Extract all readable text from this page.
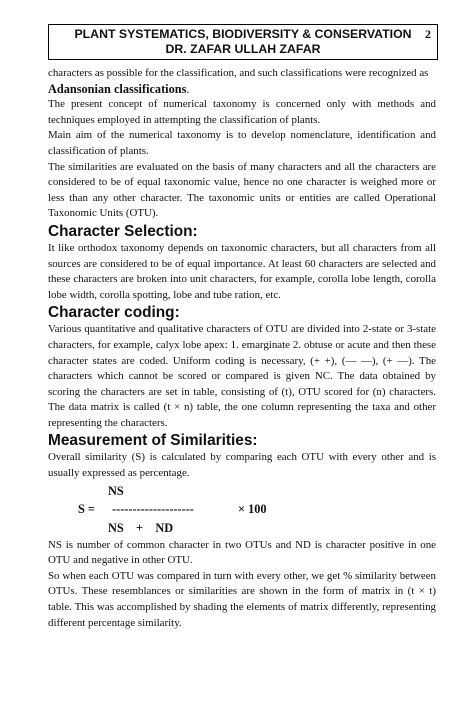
PLANT SYSTEMATICS, BIODIVERSITY & CONSERVATION
DR. ZAFAR ULLAH ZAFAR
2

characters as possible for the classification, and such classifications were recognized as

Adansonian classifications.

The present concept of numerical taxonomy is concerned only with methods and techniques employed in attempting the classification of plants.

Main aim of the numerical taxonomy is to develop nomenclature, identification and classification of plants.

The similarities are evaluated on the basis of many characters and all the characters are considered to be of equal taxonomic value, hence no one character is weighed more or less than any other character. The taxonomic units or entities are called Operational Taxonomic Units (OTU).

Character Selection:

It like orthodox taxonomy depends on taxonomic characters, but all characters from all sources are considered to be of equal importance. At least 60 characters are selected and these characters are broken into unit characters, for example, corolla lobe length, corolla lobe width, corolla spotting, lobe and tube ration, etc.

Character coding:

Various quantitative and qualitative characters of OTU are divided into 2-state or 3-state characters, for example, calyx lobe apex: 1. emarginate 2. obtuse or acute and then these character states are coded. Uniform coding is necessary, (+ +), (— —), (+ —). The characters which cannot be scored or compared is given NC. The data obtained by scoring the characters are set in table, consisting of (t), OTU scored for (n) characters. The data matrix is called (t × n) table, the one column representing the taxa and other representing the characters.

Measurement of Similarities:

Overall similarity (S) is calculated by comparing each OTU with every other and is usually expressed as percentage.

NS
S = --------------------	× 100
NS    +    ND

NS is number of common character in two OTUs and ND is character positive in one OTU and negative in other OTU.

So when each OTU was compared in turn with every other, we get % similarity between OTUs. These resemblances or similarities are shown in the form of matrix in (t × t) table. This was accomplished by shading the elements of matrix differently, representing different percentage similarity.
